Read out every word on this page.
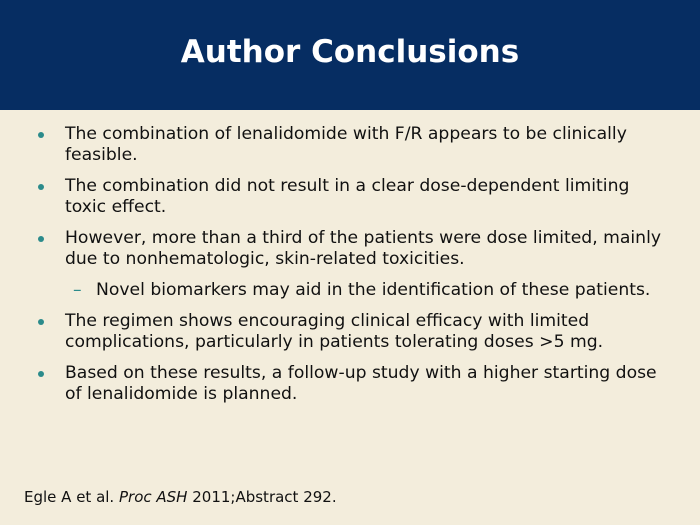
Author Conclusions
The combination of lenalidomide with F/R appears to be clinically feasible.
The combination did not result in a clear dose-dependent limiting toxic effect.
However, more than a third of the patients were dose limited, mainly due to nonhematologic, skin-related toxicities.
– Novel biomarkers may aid in the identification of these patients.
The regimen shows encouraging clinical efficacy with limited complications, particularly in patients tolerating doses >5 mg.
Based on these results, a follow-up study with a higher starting dose of lenalidomide is planned.
Egle A et al. Proc ASH 2011;Abstract 292.
